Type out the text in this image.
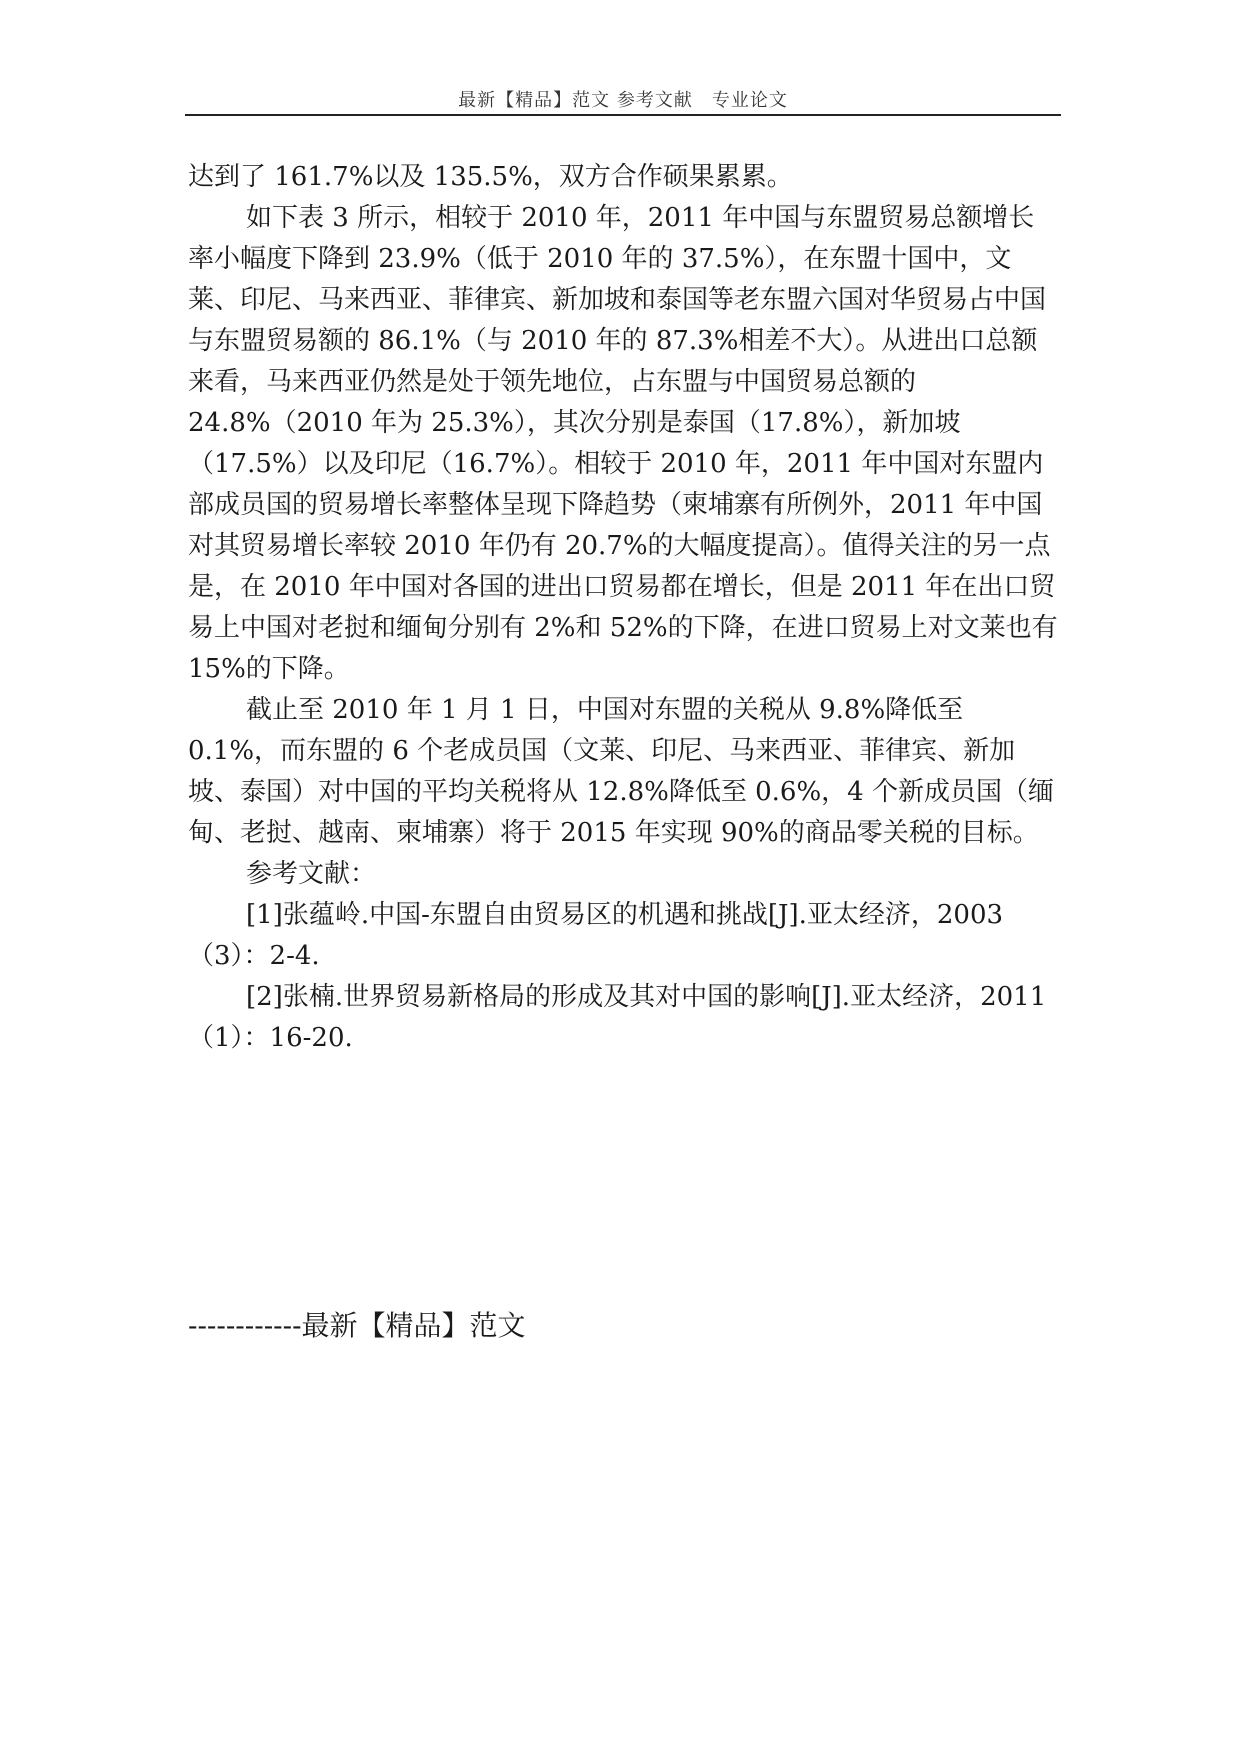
最新【精品】范文 参考文献　专业论文

达到了 161.7%以及 135.5%，双方合作硕果累累。

如下表 3 所示，相较于 2010 年，2011 年中国与东盟贸易总额增长率小幅度下降到 23.9%（低于 2010 年的 37.5%），在东盟十国中，文莱、印尼、马来西亚、菲律宾、新加坡和泰国等老东盟六国对华贸易占中国与东盟贸易额的 86.1%（与 2010 年的 87.3%相差不大）。从进出口总额来看，马来西亚仍然是处于领先地位，占东盟与中国贸易总额的 24.8%（2010 年为 25.3%），其次分别是泰国（17.8%），新加坡（17.5%）以及印尼（16.7%）。相较于 2010 年，2011 年中国对东盟内部成员国的贸易增长率整体呈现下降趋势（柬埔寨有所例外，2011 年中国对其贸易增长率较 2010 年仍有 20.7%的大幅度提高）。值得关注的另一点是，在 2010 年中国对各国的进出口贸易都在增长，但是 2011 年在出口贸易上中国对老挝和缅甸分别有 2%和 52%的下降，在进口贸易上对文莱也有 15%的下降。

截止至 2010 年 1 月 1 日，中国对东盟的关税从 9.8%降低至 0.1%，而东盟的 6 个老成员国（文莱、印尼、马来西亚、菲律宾、新加坡、泰国）对中国的平均关税将从 12.8%降低至 0.6%，4 个新成员国（缅甸、老挝、越南、柬埔寨）将于 2015 年实现 90%的商品零关税的目标。

参考文献：

[1]张蕴岭.中国-东盟自由贸易区的机遇和挑战[J].亚太经济，2003（3）：2-4.

[2]张楠.世界贸易新格局的形成及其对中国的影响[J].亚太经济，2011（1）：16-20.

------------最新【精品】范文
